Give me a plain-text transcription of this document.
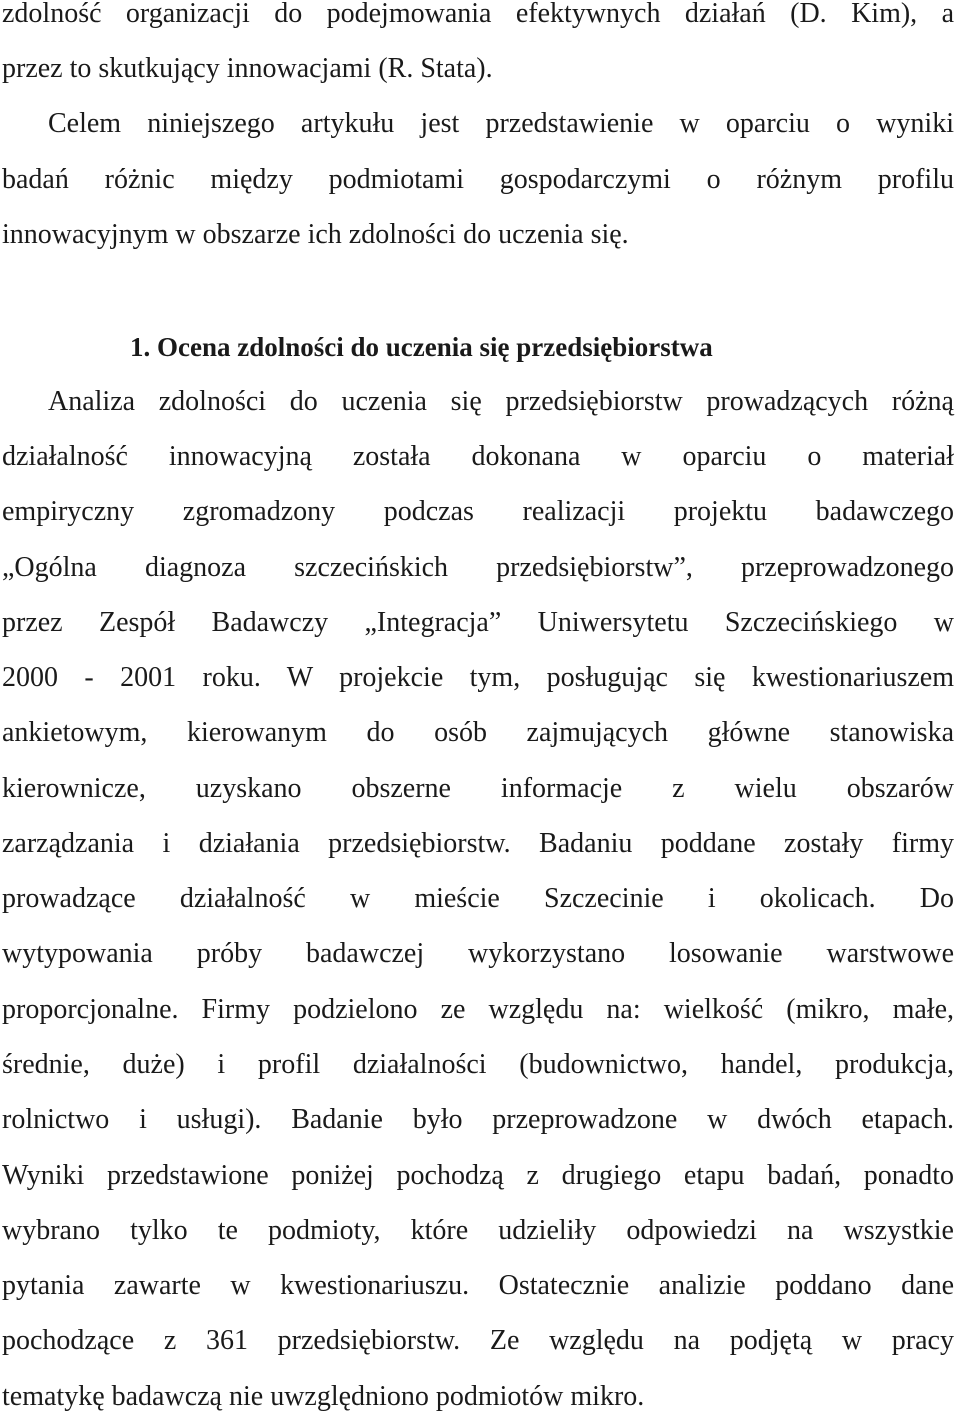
zdolność organizacji do podejmowania efektywnych działań (D. Kim), a
przez to skutkujący innowacjami (R. Stata).
Celem niniejszego artykułu jest przedstawienie w oparciu o wyniki
badań różnic między podmiotami gospodarczymi o różnym profilu
innowacyjnym w obszarze ich zdolności do uczenia się.
1. Ocena zdolności do uczenia się przedsiębiorstwa
Analiza zdolności do uczenia się przedsiębiorstw prowadzących różną
działalność innowacyjną została dokonana w oparciu o materiał
empiryczny zgromadzony podczas realizacji projektu badawczego
„Ogólna diagnoza szczecińskich przedsiębiorstw”, przeprowadzonego
przez Zespół Badawczy „Integracja” Uniwersytetu Szczecińskiego w
2000 - 2001 roku. W projekcie tym, posługując się kwestionariuszem
ankietowym, kierowanym do osób zajmujących główne stanowiska
kierownicze, uzyskano obszerne informacje z wielu obszarów
zarządzania i działania przedsiębiorstw. Badaniu poddane zostały firmy
prowadzące działalność w mieście Szczecinie i okolicach. Do
wytypowania próby badawczej wykorzystano losowanie warstwowe
proporcjonalne. Firmy podzielono ze względu na: wielkość (mikro, małe,
średnie, duże) i profil działalności (budownictwo, handel, produkcja,
rolnictwo i usługi). Badanie było przeprowadzone w dwóch etapach.
Wyniki przedstawione poniżej pochodzą z drugiego etapu badań, ponadto
wybrano tylko te podmioty, które udzieliły odpowiedzi na wszystkie
pytania zawarte w kwestionariuszu. Ostatecznie analizie poddano dane
pochodzące z 361 przedsiębiorstw. Ze względu na podjętą w pracy
tematykę badawczą nie uwzględniono podmiotów mikro.
